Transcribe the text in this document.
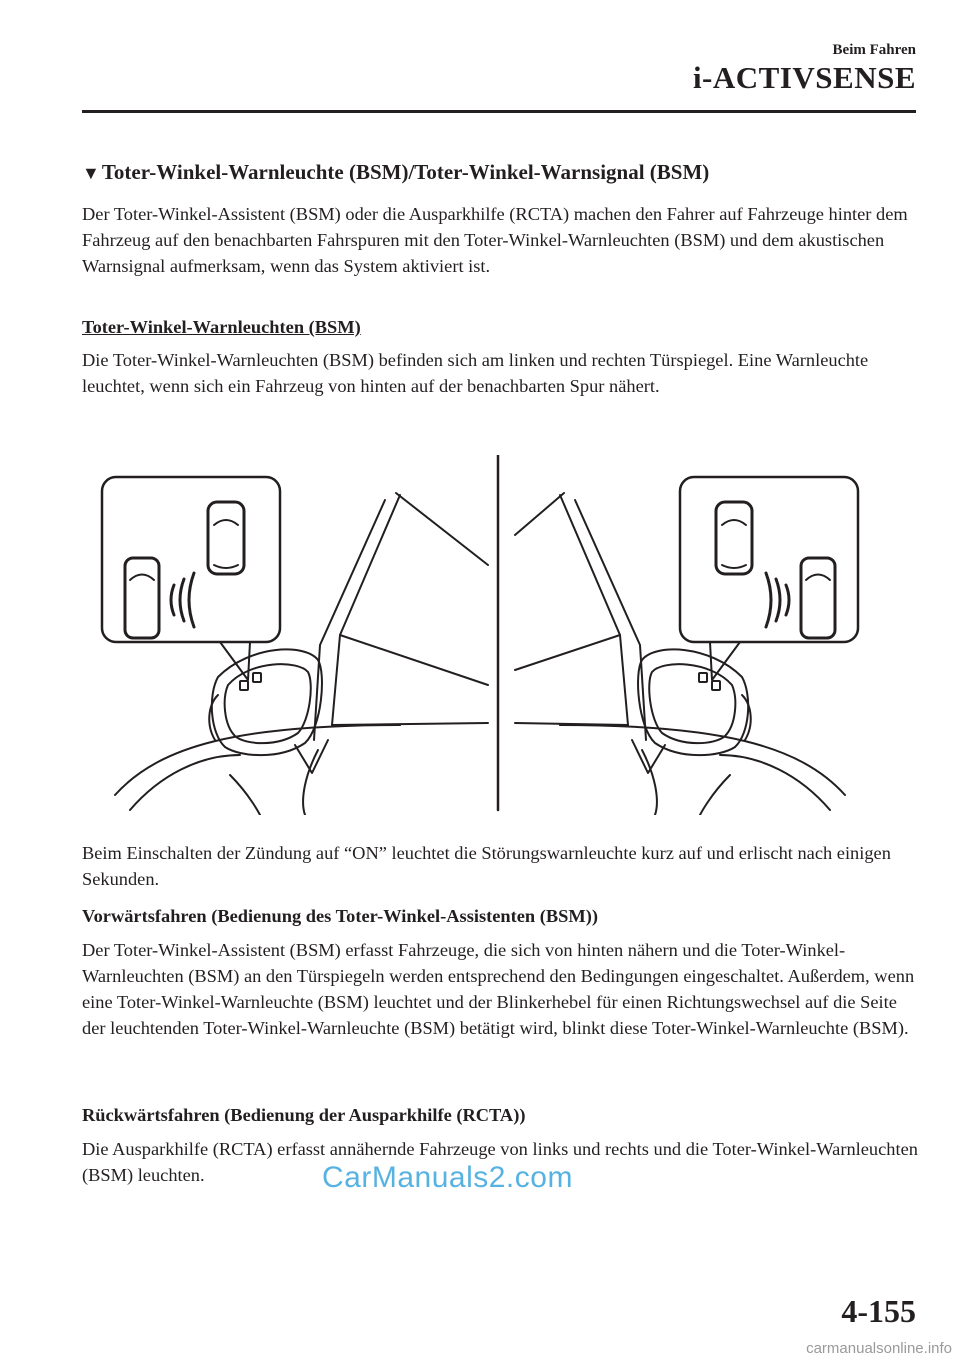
Beim Fahren
i-ACTIVSENSE
▼Toter-Winkel-Warnleuchte (BSM)/Toter-Winkel-Warnsignal (BSM)

Der Toter-Winkel-Assistent (BSM) oder die Ausparkhilfe (RCTA) machen den Fahrer auf Fahrzeuge hinter dem Fahrzeug auf den benachbarten Fahrspuren mit den Toter-Winkel-Warnleuchten (BSM) und dem akustischen Warnsignal aufmerksam, wenn das System aktiviert ist.

Toter-Winkel-Warnleuchten (BSM)

Die Toter-Winkel-Warnleuchten (BSM) befinden sich am linken und rechten Türspiegel. Eine Warnleuchte leuchtet, wenn sich ein Fahrzeug von hinten auf der benachbarten Spur nähert.

Beim Einschalten der Zündung auf “ON” leuchtet die Störungswarnleuchte kurz auf und erlischt nach einigen Sekunden.

Vorwärtsfahren (Bedienung des Toter-Winkel-Assistenten (BSM))

Der Toter-Winkel-Assistent (BSM) erfasst Fahrzeuge, die sich von hinten nähern und die Toter-Winkel-Warnleuchten (BSM) an den Türspiegeln werden entsprechend den Bedingungen eingeschaltet. Außerdem, wenn eine Toter-Winkel-Warnleuchte (BSM) leuchtet und der Blinkerhebel für einen Richtungswechsel auf die Seite der leuchtenden Toter-Winkel-Warnleuchte (BSM) betätigt wird, blinkt diese Toter-Winkel-Warnleuchte (BSM).

Rückwärtsfahren (Bedienung der Ausparkhilfe (RCTA))

Die Ausparkhilfe (RCTA) erfasst annähernde Fahrzeuge von links und rechts und die Toter-Winkel-Warnleuchten (BSM) leuchten.	CarManuals2.com
4-155
carmanualsonline.info
